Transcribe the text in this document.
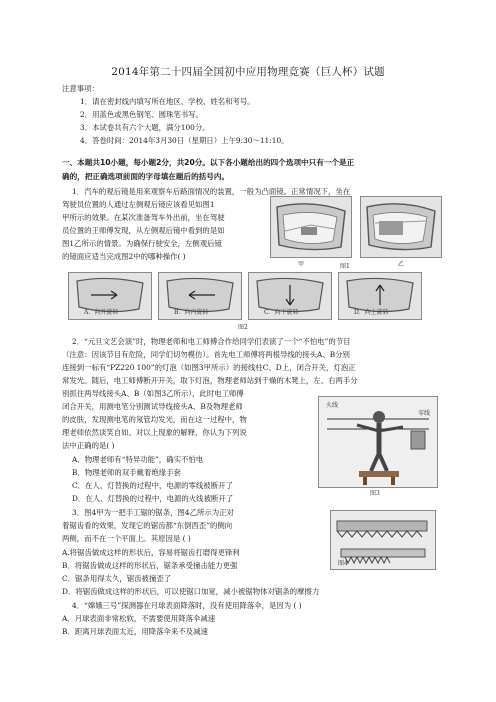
2014年第二十四届全国初中应用物理竞赛（巨人杯）试题
注意事项：
1．请在密封线内填写所在地区、学校、姓名和考号。
2．用蓝色或黑色钢笔、圆珠笔书写。
3．本试卷共有六个大题，满分100分。
4．答卷时间：2014年3月30日（星期日）上午9:30～11:10。
一、本题共10小题，每小题2分，共20分。以下各小题给出的四个选项中只有一个是正
确的，把正确选项前面的字母填在题后的括号内。
1．汽车的观后镜是用来观察车后路面情况的装置，一般为凸面镜。正常情况下，坐在
驾驶员位置的人通过左侧观后镜应该看见如图1
甲所示的效果。在某次准备驾车外出前，坐在驾驶
员位置的王师傅发现，从左侧观后镜中看到的是如
图1乙所示的情景。为确保行驶安全，左侧观后镜
的镜面应适当完成图2中的哪种操作( )
甲	图1	乙
A．向外旋转	B．向内旋转	C．向下旋转	D．向上旋转
图2
2．“元旦文艺会演”时，物理老师和电工师傅合作给同学们表演了一个“不怕电”的节目
（注意：因该节目有危险，同学们切勿模仿）。首先电工师傅将两根导线的接头A、B分别
连接到一标有“PZ220 100”的灯泡（如图3甲所示）的接线柱C、D上，闭合开关，灯泡正
常发光。随后，电工师傅断开开关，取下灯泡，物理老师站到干燥的木凳上，左、右两手分
别抓住两导线接头A、B（如图3乙所示），此时电工师傅
闭合开关，用测电笔分别测试导线接头A、B及物理老师
的皮肤，发现测电笔的氖管均发光，而在这一过程中，物
理老师依然谈笑自如。对以上现象的解释，你认为下列说
法中正确的是( )
A．物理老师有“特异功能”，确实不怕电
B．物理老师的双手戴着绝缘手套
C．在人、灯替换的过程中，电源的零线被断开了
D．在人、灯替换的过程中，电源的火线被断开了
火线
零线
图3
3．图4甲为一把手工锯的锯条，图4乙所示为正对
着锯齿看的效果，发现它的锯齿都“东倒西歪”的侧向
两侧，而不在一个平面上。其原因是 ( )
图4
A.将锯齿做成这样的形状后，容易将锯齿打磨得更锋利
B．将锯齿做成这样的形状后，锯条承受撞击能力更强
C．锯条用得太久，锯齿被撞歪了
D．将锯齿做成这样的形状后，可以使锯口加宽，减小被锯物体对锯条的摩擦力
4．“嫦娥三号”探测器在月球表面降落时，没有使用降落伞，是因为 ( )
A．月球表面非常松软，不需要使用降落伞减速
B．距离月球表面太近，用降落伞来不及减速
